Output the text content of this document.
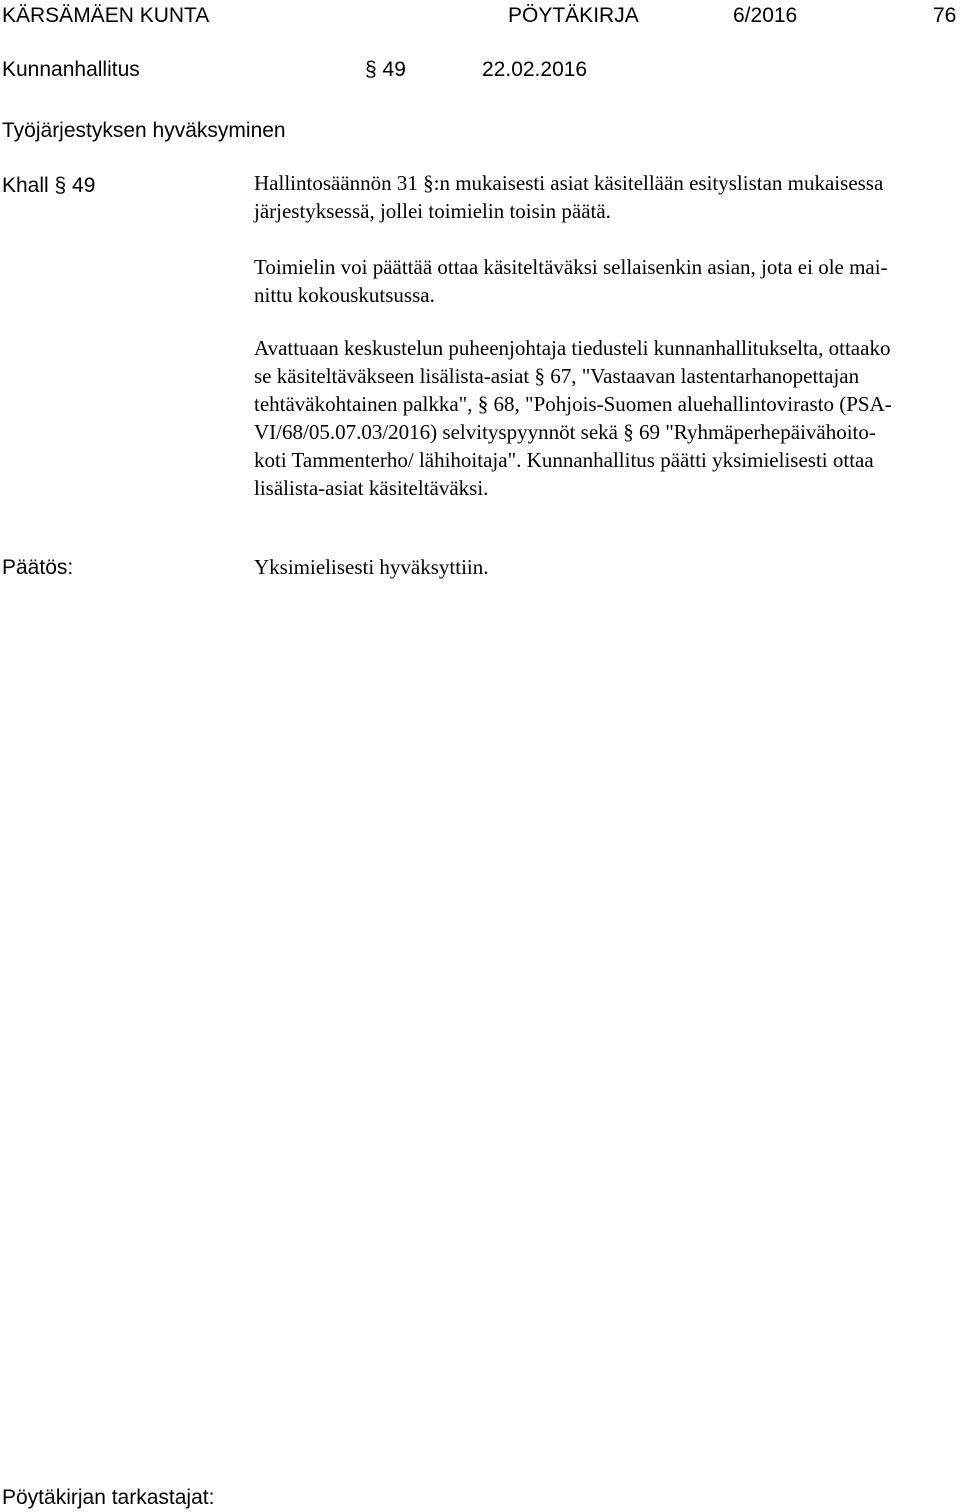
KÄRSÄMÄEN KUNTA	PÖYTÄKIRJA	6/2016	76
Kunnanhallitus	§ 49	22.02.2016
Työjärjestyksen hyväksyminen
Khall § 49	Hallintosäännön 31 §:n mukaisesti asiat käsitellään esityslistan mukaisessa
järjestyksessä, jollei toimielin toisin päätä.

Toimielin voi päättää ottaa käsiteltäväksi sellaisenkin asian, jota ei ole mai-
nittu kokouskutsussa.

Avattuaan keskustelun puheenjohtaja tiedusteli kunnanhallitukselta, ottaako
se käsiteltäväkseen lisälista-asiat § 67, "Vastaavan lastentarhanopettajan
tehtäväkohtainen palkka", § 68, "Pohjois-Suomen aluehallintovirasto (PSA-
VI/68/05.07.03/2016) selvityspyynnöt sekä § 69 "Ryhmäperhepäivähoito-
koti Tammenterho/ lähihoitaja". Kunnanhallitus päätti yksimielisesti ottaa
lisälista-asiat käsiteltäväksi.

Päätös:	Yksimielisesti hyväksyttiin.
Pöytäkirjan tarkastajat:
